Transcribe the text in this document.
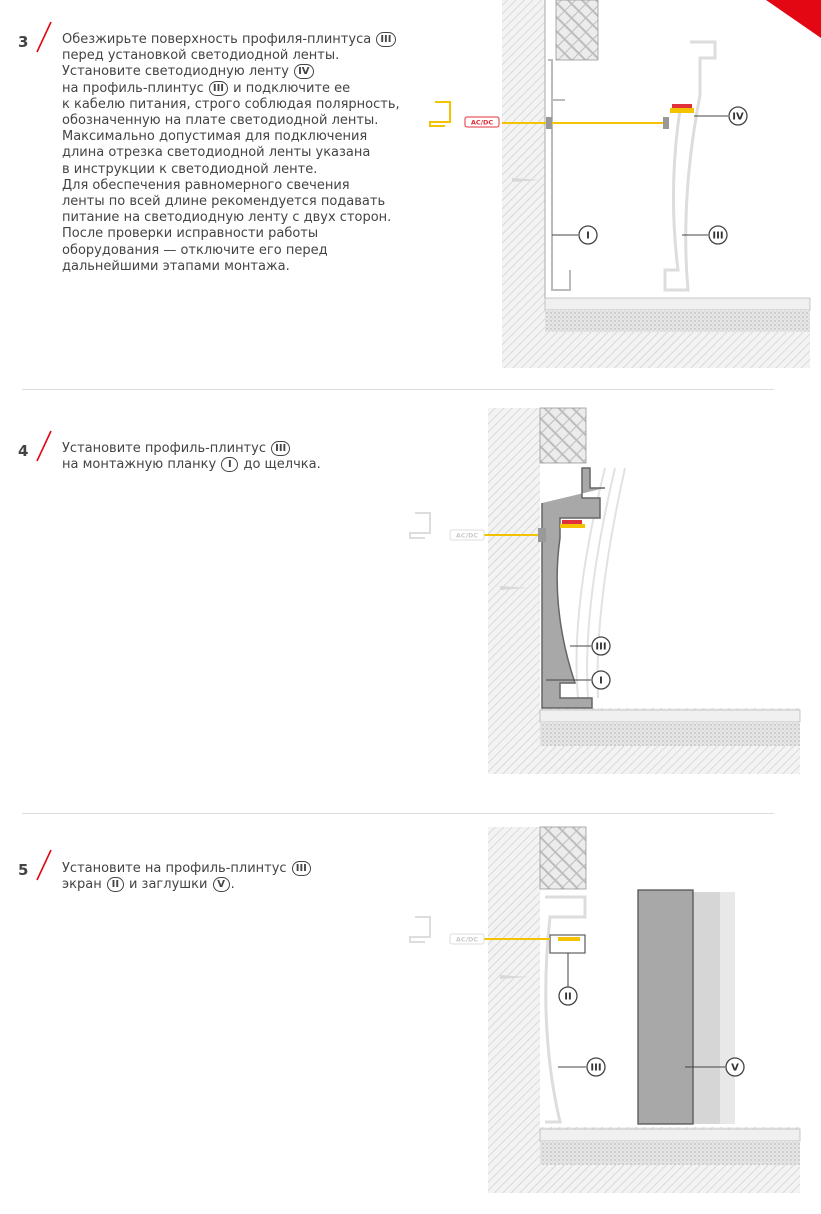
3	Обезжирьте поверхность профиля-плинтуса III
перед установкой светодиодной ленты.
Установите светодиодную ленту IV
на профиль-плинтус III и подключите ее
к кабелю питания, строго соблюдая полярность,
обозначенную на плате светодиодной ленты.
Максимально допустимая для подключения
длина отрезка светодиодной ленты указана
в инструкции к светодиодной ленте.
Для обеспечения равномерного свечения
ленты по всей длине рекомендуется подавать
питание на светодиодную ленту с двух сторон.
После проверки исправности работы
оборудования — отключите его перед
дальнейшими этапами монтажа.
AC/DC	IV
I	III
4	Установите профиль-плинтус III
на монтажную планку I до щелчка.
AC/DC
III
I
5	Установите на профиль-плинтус III
экран II и заглушки V .
AC/DC
II
III	V
